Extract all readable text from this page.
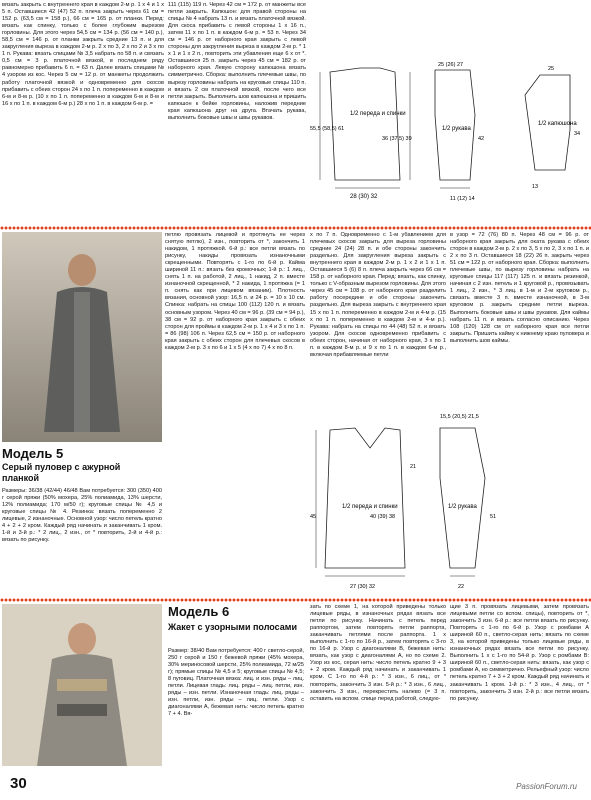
вязать закрыть с внутреннего края в каждом 2-м р. 1 x 4 и 1 x 5 п. Оставшиеся 42 (47) 52 п. плеча закрыть через 61 см = 152 р. (63,5 см = 158 р.), 66 см = 165 р. от планки. Перед: вязать как спинку, только с более глубоким вырезом горловины. Для этого через 54,5 см = 134 р. (56 см = 140 р.), 58,5 см = 146 р. от планки закрыть средние 13 п. и для закругления выреза в каждом 2-м р. 2 x по 3, 2 x по 2 и 3 x по 1 п. Рукава: вязать спицами № 3,5 набрать по 58 п. и связать 0,5 см = 3 р. платочной вязкой, в последнем ряду равномерно прибавить 6 п. = 63 п. Далее вязать спицами № 4 узором из кос. Через 5 см = 12 р. от манжеты продолжить работу платочной вязкой и одновременно для скосов прибавить с обеих сторон 24 x по 1 п. попеременно в каждом 6-м и 8-м р. (10 x по 1 п. попеременно в каждом 6-м и 8-м и 16 x по 1 п. в каждом 6-м р.) 28 x по 1 п. в каждом 6-м р. =
111 (115) 119 п. Через 42 см = 172 р. от манжеты все петли закрыть. Капюшон: для правой стороны на спицы № 4 набрать 13 п. и вязать платочной вязкой. Для скоса прибавить с левой стороны 1 x 16 п., затем 11 x по 1 п. в каждом 6-м р. = 53 п. Через 34 см = 146 р. от наборного края закрыть с левой стороны для закругления выреза в каждом 2-м р. * 1 x 1 и 1 x 2 п., повторить эти убавления еще 6 x от *. Оставшиеся 25 п. закрыть через 45 см = 182 р. от наборного края. Левую сторону капюшона вязать симметрично. Сборка: выполнить плечевые швы, по вырезу горловины набрать на круговые спицы 110 п. и вязать 2 см платочной вязкой, после чего все петли закрыть. Выполнить шов капюшона и пришить капюшон к бейке горловины, наложив передние края капюшона друг на друга. Втачать рукава, выполнить боковые швы и швы рукавов.
1/2 переда и спинки
1/2 рукава
1/2 капюшона
28 (30) 32
55,5 (58,5) 61
36 (37,5) 39
25 (26) 27
11 (12) 14
42
13
25
34
Модель 5
Серый пуловер с ажурной планкой
Размеры: 36/38 (42/44) 46/48 Вам потребуется: 300 (350) 400 г серой пряжи (50% мохера, 25% полиамида, 13% шерсти, 12% полиамида; 170 м/50 г); круговые спицы № 4,5 и круговые спицы № 4. Резинка: вязать попеременно 2 лицевые, 2 изнаночные. Основной узор: число петель кратно 4 + 2 + 2 кром. Каждый ряд начинать и заканчивать 1 кром. 1-й и 3-й р.: * 2 лиц., 2 изн., от * повторить, 2-й и 4-й р.: вязать по рисунку.
петлю провязать лицевой и протянуть ее через снятую петлю), 2 изн., повторить от *, закончить 1 накидом, 1 протяжкой. 6-й р.: все петли вязать по рисунку, накиды провязать изнаночными скрещенными. Повторять с 1-го по 6-й р. Кайма шириной 11 п.: вязать без кромочных; 1-й р.: 1 лиц., снять 1 п. на работой, 2 лиц., 1 накид, 2 п. вместе изнаночной скрещенной, * 2 накида, 1 протяжка (= 1 п. снять как при лицевом вязании). Плотность вязания, основной узор: 16,5 п. и 24 р. = 10 x 10 см. Спинка: набрать на спицы 100 (112) 120 п. и вязать основным узором. Через 40 см = 96 р. (39 см = 94 р.), 38 см = 92 р. от наборного края закрыть с обеих сторон для проймы в каждом 2-м р. 1 x 4 и 3 x по 1 п. = 86 (98) 106 п. Через 62,5 см = 150 р. от наборного края закрыть с обеих сторон для плечевых скосов в каждом 2-м р. 3 x по 6 и 1 x 5 (4 x по 7) 4 x по 8 п.
x по 7 п. Одновременно с 1-м убавлением для плечевых скосов закрыть для выреза горловины средние 24 (24) 28 п. и обе стороны закончить раздельно. Для закругления выреза закрыть с внутреннего края в каждом 2-м р. 1 x 2 и 1 x 1 п. Оставшиеся 5 (6) 8 п. плеча закрыть через 66 см = 158 р. от наборного края. Перед: вязать, как спинку, только с V-образным вырезом горловины. Для этого через 45 см = 108 р. от наборного края разделить работу посередине и обе стороны закончить раздельно. Для выреза закрыть с внутреннего края 15 x по 1 п. попеременно в каждом 2-м и 4-м р. (15 x по 1 п. попеременно в каждом 2-м и 4-м р.). Рукава: набрать на спицы по 44 (48) 52 п. и вязать узором. Для скосов одновременно прибавить с обеих сторон, начиная от наборного края, 3 x по 1 п. в каждом 8-м р. и 9 x по 1 п. в каждом 6-м р., включая прибавляемые петли
в узор = 72 (76) 80 п. Через 48 см = 96 р. от наборного края закрыть для оката рукава с обеих сторон в каждом 2-м р. 2 x по 3, 5 x по 2, 3 x по 1 п. и 2 x по 3 п. Оставшиеся 18 (22) 26 п. закрыть через 51 см = 122 р. от наборного края. Сборка: выполнить плечевые швы, по вырезу горловины набрать на круговые спицы 117 (117) 125 п. и вязать резинкой, начиная с 2 изн. петель и 1 круговой р., провязывать 1 лиц., 2 изн., * 3 лиц. в 1-м и 2-м круговом р., связать вместе 3 п. вместе изнаночной, в 3-м круговом р. закрыть средние петли выреза. Выполнить боковые швы и швы рукавов. Для каймы набрать 11 п. и вязать согласно описанию. Через 108 (120) 128 см от наборного края все петли закрыть. Пришить кайму к нижнему краю пуловера и выполнить шов каймы.
1/2 переда и спинки	1/2 рукава
27 (30) 32
45
21
40 (39) 38
15,5 (20,5) 21,5
51
22
Модель 6
Жакет с узорными полосами
Размер: 38/40 Вам потребуется: 400 г светло-серой, 250 г серой и 150 г бежевой пряжи (45% мохера, 30% мериносовой шерсти, 25% полиамида, 72 м/25 г); прямые спицы № 4,5 и 5; круговые спицы № 4,5; 8 пуговиц. Платочная вязка: лиц. и изн. ряды – лиц. петли. Лицевая гладь: лиц. ряды – лиц. петли, изн. ряды – изн. петли. Изнаночная гладь: лиц. ряды – изн. петли, изн. ряды – лиц. петли. Узор с диагоналями А, бежевая нить: число петель кратно 7 + 4. Вя-
зать по схеме 1, на которой приведены только лицевые ряды, в изнаночных рядах вязать все петли по рисунку. Начинать с петель перед раппортом, затем повторять петли раппорта, заканчивать петлями после раппорта. 1 x выполнить с 1-го по 16-й р., затем повторять с 3-го по 16-й р. Узор с диагоналями В, бежевая нить: вязать, как узор с диагоналями А, но по схеме 2. Узор из кос, серая нить: число петель кратно 9 + 3 + 2 кром. Каждый ряд начинать и заканчивать 1 кром. С 1-го по 4-й р.: * 3 изн., 6 лиц., от * повторить, закончить 3 изн. 5-й р.: * 3 изн., 6 лиц., закончить 3 изн., перекрестить налево (= 3 п. оставить на вспом. спице перед работой, следую-
щие 3 п. провязать лицевыми, затем провязать лицевыми петли со вспом. спицы), повторить от *, закончить 3 изн. 6-й р.: все петли вязать по рисунку. Повторять с 1-го по 6-й р. Узор с ромбами А шириной 60 п., светло-серая нить: вязать по схеме 3, на которой приведены только лицевые ряды, в изнаночных рядах вязать все петли по рисунку. Выполнить 1 x с 1-го по 54-й р. Узор с ромбами В: шириной 60 п., светло-серая нить: вязать, как узор с ромбами А, но симметрично. Рельефный узор: число петель кратно 7 + 3 + 2 кром. Каждый ряд начинать и заканчивать 1 кром. 1-й р.: * 3 изн., 4 лиц., от * повторить, закончить 3 изн. 2-й р.: все петли вязать по рисунку.
30	PassionForum.ru
